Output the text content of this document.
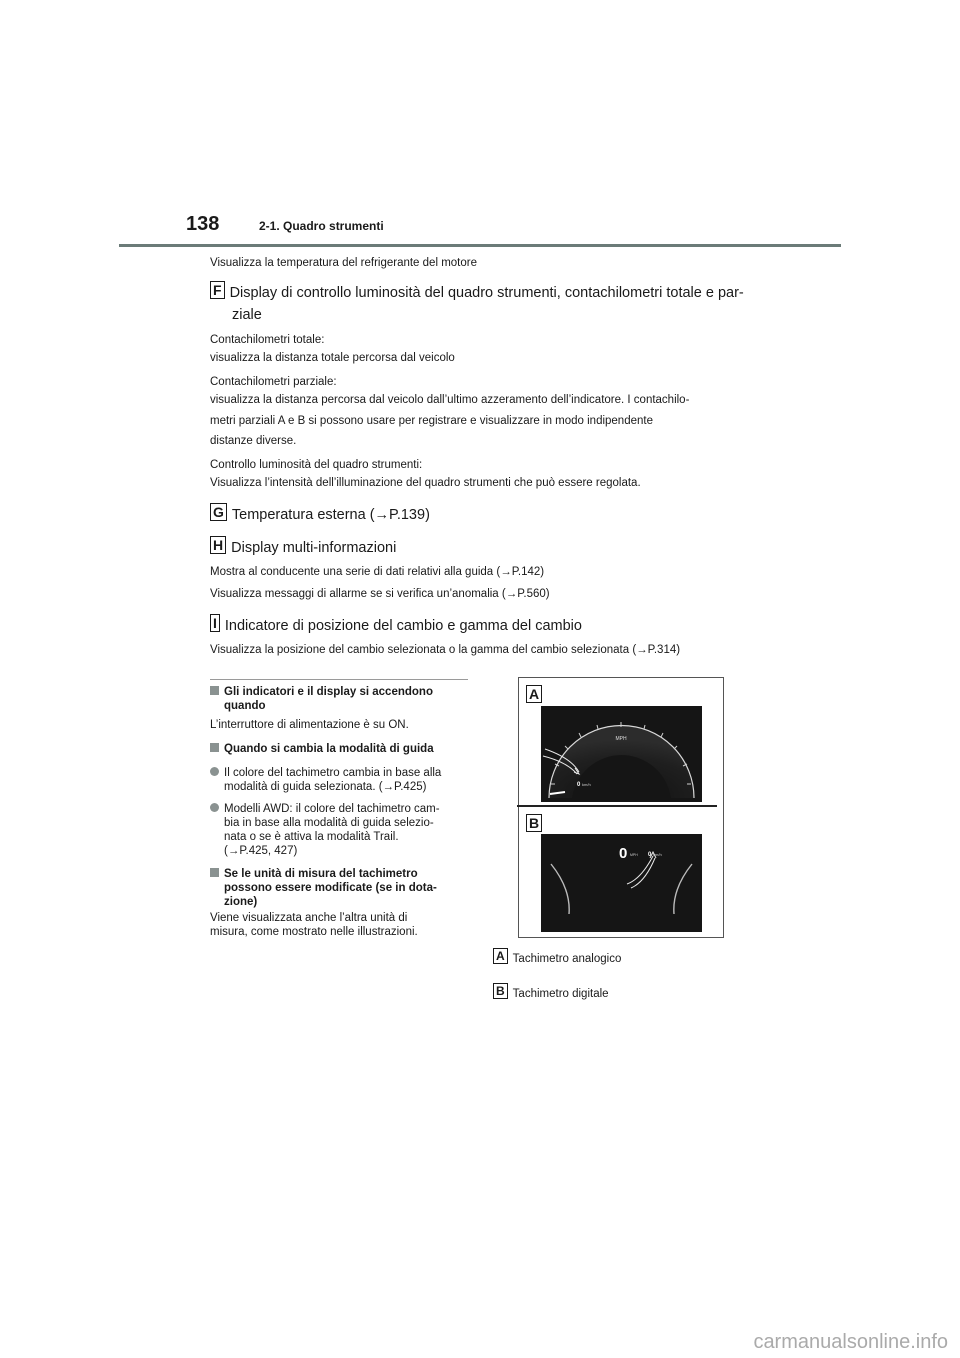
138	2-1. Quadro strumenti
Visualizza la temperatura del refrigerante del motore
F Display di controllo luminosità del quadro strumenti, contachilometri totale e par-
ziale
Contachilometri totale:
visualizza la distanza totale percorsa dal veicolo
Contachilometri parziale:
visualizza la distanza percorsa dal veicolo dall’ultimo azzeramento dell’indicatore. I contachilo-
metri parziali A e B si possono usare per registrare e visualizzare in modo indipendente
distanze diverse.
Controllo luminosità del quadro strumenti:
Visualizza l’intensità dell’illuminazione del quadro strumenti che può essere regolata.
G Temperatura esterna (→P.139)
H Display multi-informazioni
Mostra al conducente una serie di dati relativi alla guida (→P.142)
Visualizza messaggi di allarme se si verifica un’anomalia (→P.560)
I Indicatore di posizione del cambio e gamma del cambio
Visualizza la posizione del cambio selezionata o la gamma del cambio selezionata (→P.314)
Gli indicatori e il display si accendono
quando
L’interruttore di alimentazione è su ON.
Quando si cambia la modalità di guida
Il colore del tachimetro cambia in base alla
modalità di guida selezionata. (→P.425)
Modelli AWD: il colore del tachimetro cam-
bia in base alla modalità di guida selezio-
nata o se è attiva la modalità Trail.
(→P.425, 427)
Se le unità di misura del tachimetro
possono essere modificate (se in dota-
zione)
Viene visualizzata anche l’altra unità di
misura, come mostrato nelle illustrazioni.
A
MPH
0 km/h
B
0 MPH 0 km/h
A Tachimetro analogico
B Tachimetro digitale
carmanualsonline.info
